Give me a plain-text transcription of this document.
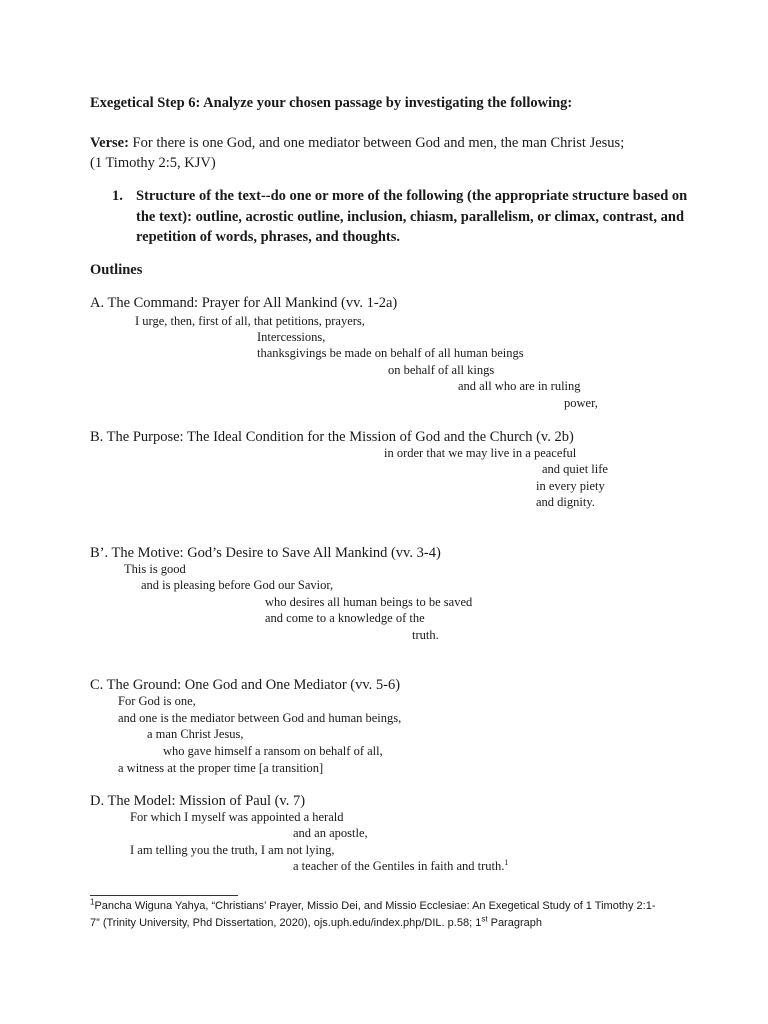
Exegetical Step 6: Analyze your chosen passage by investigating the following:
Verse: For there is one God, and one mediator between God and men, the man Christ Jesus;
(1 Timothy 2:5, KJV)
1. Structure of the text--do one or more of the following (the appropriate structure based on the text): outline, acrostic outline, inclusion, chiasm, parallelism, or climax, contrast, and repetition of words, phrases, and thoughts.
Outlines
A. The Command: Prayer for All Mankind (vv. 1-2a)
I urge, then, first of all, that petitions, prayers,
Intercessions,
thanksgivings be made on behalf of all human beings
on behalf of all kings
and all who are in ruling
power,
B. The Purpose: The Ideal Condition for the Mission of God and the Church (v. 2b)
in order that we may live in a peaceful
and quiet life
in every piety
and dignity.
B’. The Motive: God’s Desire to Save All Mankind (vv. 3-4)
This is good
and is pleasing before God our Savior,
who desires all human beings to be saved
and come to a knowledge of the
truth.
C. The Ground: One God and One Mediator (vv. 5-6)
For God is one,
and one is the mediator between God and human beings,
a man Christ Jesus,
who gave himself a ransom on behalf of all,
a witness at the proper time [a transition]
D. The Model: Mission of Paul (v. 7)
For which I myself was appointed a herald
and an apostle,
I am telling you the truth, I am not lying,
a teacher of the Gentiles in faith and truth.$^1$
$^1$Pancha Wiguna Yahya, “Christians’ Prayer, Missio Dei, and Missio Ecclesiae: An Exegetical Study of 1 Timothy 2:1-
7” (Trinity University, Phd Dissertation, 2020), ojs.uph.edu/index.php/DIL. p.58; 1st Paragraph
